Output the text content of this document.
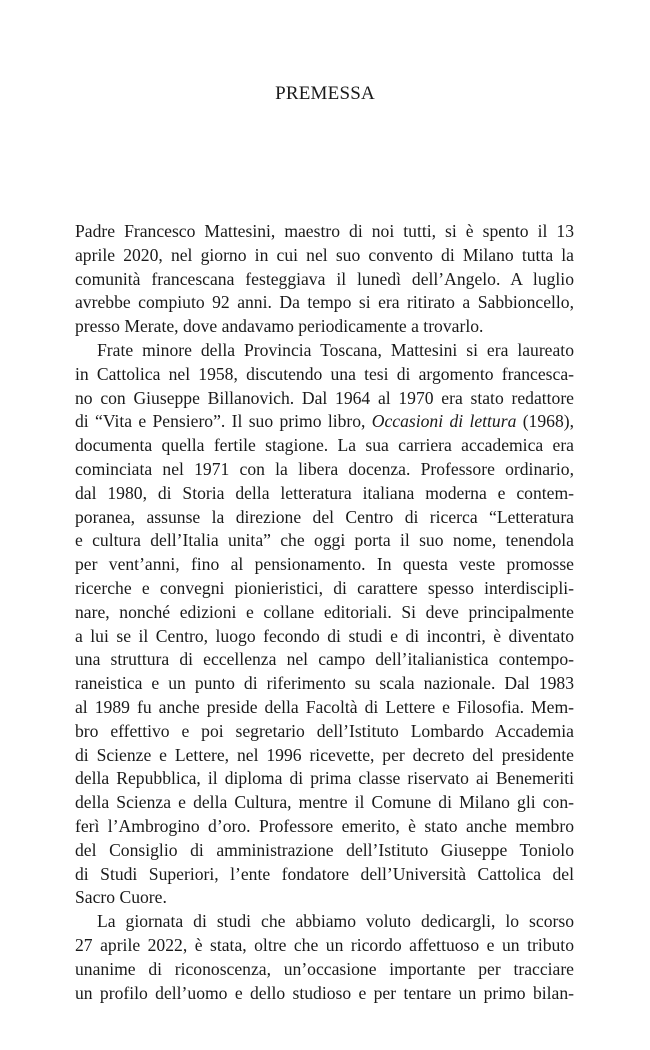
PREMESSA
Padre Francesco Mattesini, maestro di noi tutti, si è spento il 13
aprile 2020, nel giorno in cui nel suo convento di Milano tutta la
comunità francescana festeggiava il lunedì dell’Angelo. A luglio
avrebbe compiuto 92 anni. Da tempo si era ritirato a Sabbioncello,
presso Merate, dove andavamo periodicamente a trovarlo.
Frate minore della Provincia Toscana, Mattesini si era laureato
in Cattolica nel 1958, discutendo una tesi di argomento francesca-
no con Giuseppe Billanovich. Dal 1964 al 1970 era stato redattore
di “Vita e Pensiero”. Il suo primo libro, Occasioni di lettura (1968),
documenta quella fertile stagione. La sua carriera accademica era
cominciata nel 1971 con la libera docenza. Professore ordinario,
dal 1980, di Storia della letteratura italiana moderna e contem-
poranea, assunse la direzione del Centro di ricerca “Letteratura
e cultura dell’Italia unita” che oggi porta il suo nome, tenendola
per vent’anni, fino al pensionamento. In questa veste promosse
ricerche e convegni pionieristici, di carattere spesso interdiscipli-
nare, nonché edizioni e collane editoriali. Si deve principalmente
a lui se il Centro, luogo fecondo di studi e di incontri, è diventato
una struttura di eccellenza nel campo dell’italianistica contempo-
raneistica e un punto di riferimento su scala nazionale. Dal 1983
al 1989 fu anche preside della Facoltà di Lettere e Filosofia. Mem-
bro effettivo e poi segretario dell’Istituto Lombardo Accademia
di Scienze e Lettere, nel 1996 ricevette, per decreto del presidente
della Repubblica, il diploma di prima classe riservato ai Benemeriti
della Scienza e della Cultura, mentre il Comune di Milano gli con-
ferì l’Ambrogino d’oro. Professore emerito, è stato anche membro
del Consiglio di amministrazione dell’Istituto Giuseppe Toniolo
di Studi Superiori, l’ente fondatore dell’Università Cattolica del
Sacro Cuore.
La giornata di studi che abbiamo voluto dedicargli, lo scorso
27 aprile 2022, è stata, oltre che un ricordo affettuoso e un tributo
unanime di riconoscenza, un’occasione importante per tracciare
un profilo dell’uomo e dello studioso e per tentare un primo bilan-
